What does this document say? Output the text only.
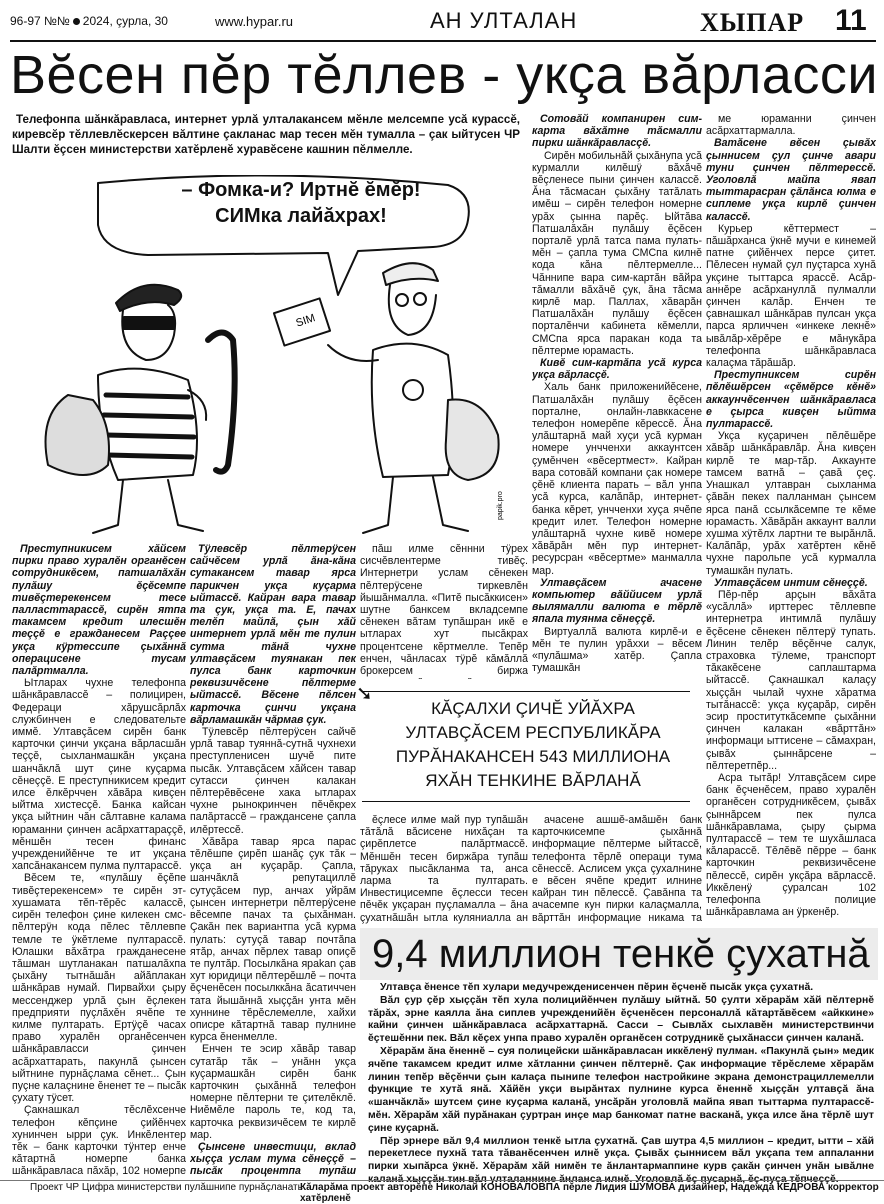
96-97 №№ 2024, çурла, 30	www.hypar.ru	АН УЛТАЛАН	ХЫПАР 11
Вĕсен пĕр тĕллев - укçа вăрласси

Телефонпа шăнкăравласа, интернет урлă улталакансем мĕнле мелсемпе усă курассĕ, киревсĕр тĕллевлĕскерсен вăлтине çакланас мар тесен мĕн тумалла – çак ыйтусен ЧР Шалти ĕçсен министерстви хатĕрленĕ хуравĕсене кашнин пĕлмелле.

SIM
papik.pro
– Фомка-и? Иртнĕ ĕмĕр!
СИМка лайăхрах!

Преступникисем хăйсем пирки право хуралĕн органĕсен сотрудникĕсем, патшалăхăн пулăшу ĕçĕсемпе тивĕçтерекенсем тесе палласттарассĕ, сирĕн ятпа такамсем кредит илесшĕн теççĕ е гражданесем Раççее укçа кÿртессипе çыхăннă операцисене тусам палăртмалла.

Ытларах чухне телефонпа шăнкăравлассĕ – полицирен, Федераци хăрушсăрлăх службинчен е следовательте иммĕ. Ултавçăсем сирĕн банк карточки çинчи укçана вăрласшăн теççĕ, сыхланмашкăн укçана шанчăклă шут çине куçарма сĕнеççĕ. Е преступникисем кредит илсе ĕлкĕрччен хăвăра кивçен ыйтма хистесçĕ. Банка кайсан укçа ыйтнин чăн сăлтавне калама юраманни çинчен асăрхаттараççĕ, мĕншĕн тесен финанс учрежденийĕнче те ит укçана хапсăнакансем пулма пултарассĕ.

Вĕсем те, «пулăшу ĕçĕпе тивĕçтерекенсем» те сирĕн эт-хушамата тĕп-тĕрĕс калассĕ, сирĕн телефон çине килекен смс-пĕлтерÿн кода пĕлес тĕллевпе темле те ÿкĕтлеме пултарассĕ. Юлашки вăхăтра гражданесене тăшман шутланакан патшалăхпа çыхăну тытнăшăн айăплакан шăнкăрав нумай. Пирвайхи çыру мессенджер урлă çын ĕçлекен предприяти пуçлăхĕн ячĕпе те килме пултарать. Ертÿçĕ часах право хуралĕн органĕсенчен шăнкăравласси çинчен асăрхаттарать, пакунлă çынсен ыйтнине пурнăçлама сĕнет... Çын пуçне калаçнине ĕненет те – пысăк çухату тÿсет.

Çакнашкал тĕслĕхсенче телефон кĕпçине çийĕнчех хунинчен ырри çук. Инкĕлентер тĕк – банк карточки тÿнтер енче кăтартнă номерпе банка шăнкăравласа пăхăр, 102 номерпе

Тÿлевсĕр пĕлтерÿсен сайчĕсем урлă ăна-кăна сутакансем тавар ярса парикчен укçа куçарма ыйтассĕ. Кайран вара тавар та çук, укçа та. Е, пачах телĕп майлă, çын хăй интернет урлă мĕн те пулин сутма тăнă чухне ултавçăсем туянакан пек пулса банк карточкин реквизичĕсене пĕлтерме ыйтассĕ. Вĕсене пĕлсен карточка çинчи укçана вăрламашкăн чăрмав çук.

Тÿлевсĕр пĕлтерÿсен сайчĕ урлă тавар туяннă-сутнă чухнехи преступленисен шучĕ пите пысăк. Ултавçăсем хăйсен тавар сутасси çинчен калакан пĕлтерĕвĕсене хака ытларах чухне рынокринчен пĕчĕкрех палăртассĕ – граждансене çапла илĕртессĕ.

Хăвăра тавар ярса парас тĕлĕшпе çирĕп шанăç çук тăк – укçа ан куçарăр. Çапла, шанчăклă репутациллĕ сутуçăсем пур, анчах уйрăм çынсен интернетри пĕлтерÿсене вĕсемпе пачах та çыхăнман. Çакăн пек вариантпа усă курма пулать: сутуçă тавар почтăпа ятăр, анчах пĕрлех тавар опиçĕ те пултăр. Посылкăна ярakan çав хут юридици пĕлтерĕшлĕ – почта ĕçченĕсен посылккăна ăсатиччен тата йышăннă хыççăн унта мĕн хуннине тĕрĕслемелле, хайхи описре кăтартнă тавар пулнине курса ĕненмелле.

Енчен те эсир хăвăр тавар сутатăр тăк – унăнн укçа куçармашкăн сирĕн банк карточкин çыхăннă телефон номерне пĕлтерни те çителĕклĕ. Ниĕмĕле пароль те, код та, карточка реквизичĕсем те кирлĕ мар.

Çынсене инвестици, вклад хыççа услам тума сĕнеççĕ – пысăк процентпа тупăш

пăш илме сĕннни тÿрех сисчĕвлентерме тивĕç. Интернетри услам сĕнекен пĕлтерÿсене тиркевлĕн йышăнмалла. «Питĕ пысăккисен» шутне банксем вкладсемпе сĕнекен вăтам тупăшран икĕ е ытларах хут пысăкрах процентсене кĕртмелле. Тепĕр енчен, чăнласах тÿрĕ кăмăллă брокерсем биржа

ĕçлесе илме май пур тупăшăн тăтăлă вăсисене нихăçан та çирĕплетсе палăртмассĕ. Мĕншĕн тесен биржăра тупăш тăрукаx пысăкланма та, анса ларма та пултарать. Инвестицисемпе ĕçлесси тесен пĕчĕк укçаран пуçламалла – ăна çухатнăшăн ытла куляниалла ан

Сотовăй компанирен сим-карта вăхăтне тăсмалли пирки шăнкăравласçĕ.

Сирĕн мобильнăй çыхăнупа усă курмалли килĕшÿ вăхăчĕ вĕçленесе пыни çинчен калассĕ. Ăна тăсмасан çыхăну татăлать имĕш – сирĕн телефон номерне урăх çынна парĕç. Ыйтăва Патшалăхăн пулăшу ĕçĕсен порталĕ урлă татса пама пулать-мĕн – çапла тума СМСпа килнĕ кода кăна пĕлтермелле... Чăннипе вара сим-картăн вăйра тăмалли вăхăчĕ çук, ăна тăсма кирлĕ мар. Паллах, хăварăн Патшалăхăн пулăшу ĕçĕсен порталĕнчи кабинета кĕмелли, СМСпа ярса паракан кода та пĕлтерме юрамасть.

Кивĕ сим-картăпа усă курса укçа вăрласçĕ.

Халь банк приложенийĕсене, Патшалăхăн пулăшу ĕçĕсен порталне, онлайн-лавккасене телефон номерĕпе кĕрессĕ. Ăна улăштарнă май хуçи усă курман номере унчченхи аккаунтсен çумĕнчен «вĕсертмест». Кайран вара сотовăй компани çак номере çĕнĕ клиента парать – вăл унпа усă курса, калăпăр, интернет-банка кĕрет, унчченхи хуçа ячĕпе кредит илет. Телефон номерне улăштарнă чухне кивĕ номере хăвăрăн мĕн пур интернет-ресурсран «вĕсертме» манмалла мар.

Ултавçăсем ачасене компьютер вăййисем урлă вылямалли валюта е тĕрлĕ япала туянма сĕнеççĕ.

Виртуаллă валюта кирлĕ-и е мĕн те пулин урăххи – вĕсем «пулăшма» хатĕр. Çапла тумашкăн

ачасене ашшĕ-амăшĕн банк карточкисемпе çыхăннă информацие пĕлтерме ыйтассĕ, телефонта тĕрлĕ операци тума сĕнессĕ. Аслисем укçа çухалнине е вĕсен ячĕпе кредит илнине кайран тин пĕлессĕ. Çавăнпа та ачасемпе кун пирки калаçмалла, вăрттăн информацие никама та

ме юраманни çинчен асăрхаттармалла.

Ватăсене вĕсен çывăх çыннисем çул çинче авари туни çинчен пĕлтерессĕ. Уголовлă майпа явап тыттарасран çăлăнса юлма е сиплеме укçа кирлĕ çинчен калассĕ.

Курьер кĕттермест – пăшăрханса ÿкнĕ мучи е кинемей патне çийĕнчех персе çитет. Пĕлесен нумай çул пуçтарса хунă укçине тыттарса ярассĕ. Асăр-аннĕре асăрхануллă пулмалли çинчен калăр. Енчен те çавнашкал шăнкăрав пулсан укçа парса ярличчен «инкеке лекнĕ» ывăлăр-хĕрĕре е мăнукăра телефонпа шăнкăравласа калаçма тăрăшăр.

Преступниксем сирĕн пĕлĕшĕрсен «çĕмĕрсе кĕнĕ» аккаунчĕсенчен шăнкăравласа е çырса кивçен ыйтма пултарассĕ.

Укçа куçаричен пĕлĕшĕре хăвăр шăнкăравлăр. Ăна кивçен кирлĕ те мар-тăр. Аккаунте тамсем ватнă – çавă çеç. Унашкал ултавран сыхланма çăвăн пекех палланман çынсем ярса панă ссылкăсемпе те кĕме юрамасть. Хăвăрăн аккаунт валли хушма хÿтĕлх лартни те вырăнлă. Калăпăр, урăх хатĕртен кĕнĕ чухне парольпе усă курмалла тумашкăн пулать.

Ултавçăсем интим сĕнеççĕ.

Пĕр-пĕр арçын вăхăта «усăллă» ирттерес тĕллевпе интернетра интимлă пулăшу ĕçĕсене сĕнекен пĕлтерÿ тупать. Линин телĕр вĕçĕнче салук, страховка тÿлеме, транспорт тăкакĕсене саплаштарма ыйтассĕ. Çакнашкал калаçу хыççăн чылай чухне хăратма тытăнассĕ: укçа куçарăр, сирĕн эсир проституткăсемпе çыхăнни çинчен калакан «вăрттăн» информаци ыттисене – сăмахран, çывăх çыннăрсене – пĕлтеретпĕр...

Асра тытăр! Ултавçăсем сире банк ĕçченĕсем, право хуралĕн органĕсен сотрудникĕсем, çывăх çыннăрсем пек пулса шăнкăравлама, çыру çырма пултарассĕ – тем те шухăшласа кăларассĕ. Тĕлĕвĕ пĕрре – банк карточкин реквизичĕсене пĕлессĕ, сирĕн укçăра вăрлассĕ. Иккĕленÿ çуралсан 102 телефонпа полицие шăнкăравлама ан ÿркенĕр.

➘
КĂÇАЛХИ ÇИЧĔ УЙĂХРА УЛТАВÇĂСЕМ РЕСПУБЛИКĂРА ПУРĂНАКАНСЕН 543 МИЛЛИОНА ЯХĂН ТЕНКИНЕ ВĂРЛАНĂ
9,4 миллион тенкĕ çухатнă

Ултавçа ĕненсе тĕп хулари медучрежденисенчен пĕрин ĕçченĕ пысăк укçа çухатнă.

Вăл çур çĕр хыççăн тĕп хула полицийĕнчен пулăшу ыйтнă. 50 çулти хĕрарăм хăй пĕлтернĕ тăрăх, эрне каялла ăна сиплев учрежденийĕн ĕçченĕсен персоналлă кăтартăвĕсем «айккине» кайни çинчен шăнкăравласа асăрхаттарнă. Сасси – Сывлăх сыхлавĕн министерствинчи ĕçтешĕнни пек. Вăл кĕçех унпа право хуралĕн органĕсен сотрудникĕ çыхăнасси çинчен каланă.

Хĕрарăм ăна ĕненнĕ – суя полицейски шăнкăравласан иккĕленÿ пулман. «Пакунлă çын» медик ячĕпе такамсем кредит илме хăтланни çинчен пĕлтернĕ. Çак информацие тĕрĕслеме хĕрарăм линин тепĕр вĕçĕнчи çын калаçа пынипе телефон настройкине экрана демонстрациллемелли функцие те хутă янă. Хăйĕн укçи вырăнтах пулнине курса ĕненнĕ хыççăн ултавçă ăна «шанчăклă» шутсем çине куçарма каланă, унсăрăн уголовлă майпа явап тыттарма пултарассĕ-мĕн. Хĕрарăм хăй пурăнакан çуртран инçе мар банкомат патне васканă, укçа илсе ăна тĕрлĕ шут çине куçарнă.

Пĕр эрнере вăл 9,4 миллион тенкĕ ытла çухатнă. Çав шутра 4,5 миллион – кредит, ытти – хăй перекетлесе пухнă тата тăванĕсенчен илнĕ укçа. Çывăх çыннисем вăл укçапа тем аппаланни пирки хыпăрса ÿкнĕ. Хĕрарăм хăй нимĕн те ăнлантармаппине курв çакăн çинчен унăн ывăлне

Проект ЧР Цифра министерстви пулăшнипе пурнăçланать
Кăларăма проект авторĕпе Николай КОНОВАЛОВПА пĕрле Лидия ШУМОВА дизайнер, Надежда КЕДРОВА корректор хатĕрленĕ
